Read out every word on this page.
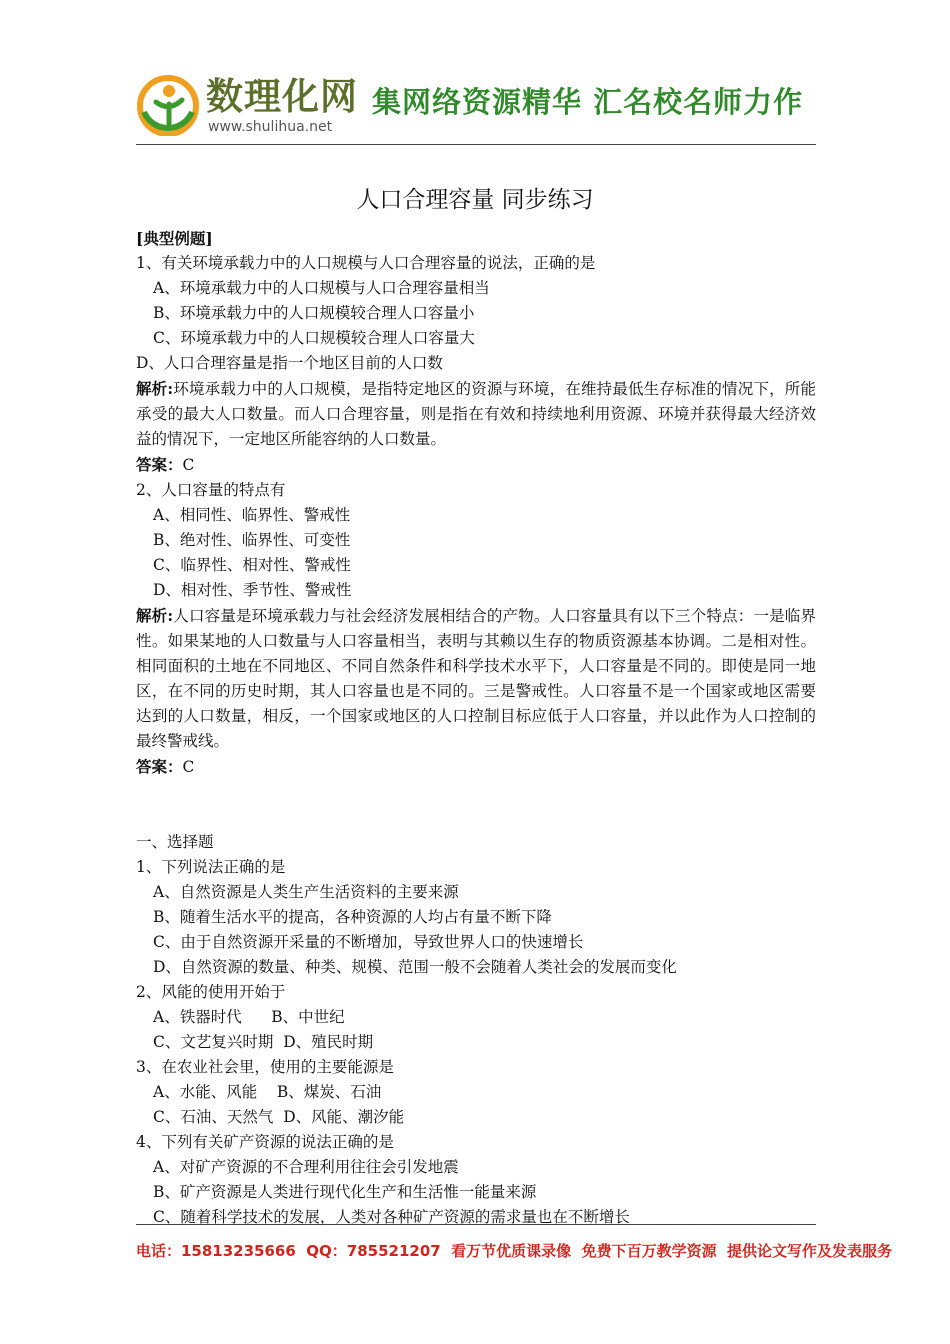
数理化网
www.shulihua.net
集网络资源精华 汇名校名师力作
人口合理容量 同步练习

[典型例题]

1、有关环境承载力中的人口规模与人口合理容量的说法，正确的是

A、环境承载力中的人口规模与人口合理容量相当

B、环境承载力中的人口规模较合理人口容量小

C、环境承载力中的人口规模较合理人口容量大

D、人口合理容量是指一个地区目前的人口数

解析:环境承载力中的人口规模，是指特定地区的资源与环境，在维持最低生存标准的情况下，所能承受的最大人口数量。而人口合理容量，则是指在有效和持续地利用资源、环境并获得最大经济效益的情况下，一定地区所能容纳的人口数量。

答案：C

2、人口容量的特点有

A、相同性、临界性、警戒性

B、绝对性、临界性、可变性

C、临界性、相对性、警戒性

D、相对性、季节性、警戒性

解析:人口容量是环境承载力与社会经济发展相结合的产物。人口容量具有以下三个特点：一是临界性。如果某地的人口数量与人口容量相当，表明与其赖以生存的物质资源基本协调。二是相对性。相同面积的土地在不同地区、不同自然条件和科学技术水平下，人口容量是不同的。即使是同一地区，在不同的历史时期，其人口容量也是不同的。三是警戒性。人口容量不是一个国家或地区需要达到的人口数量，相反，一个国家或地区的人口控制目标应低于人口容量，并以此作为人口控制的最终警戒线。

答案：C

一、选择题

1、下列说法正确的是

A、自然资源是人类生产生活资料的主要来源

B、随着生活水平的提高，各种资源的人均占有量不断下降

C、由于自然资源开采量的不断增加，导致世界人口的快速增长

D、自然资源的数量、种类、规模、范围一般不会随着人类社会的发展而变化

2、风能的使用开始于

A、铁器时代      B、中世纪

C、文艺复兴时期  D、殖民时期

3、在农业社会里，使用的主要能源是

A、水能、风能    B、煤炭、石油

C、石油、天然气  D、风能、潮汐能

4、下列有关矿产资源的说法正确的是

A、对矿产资源的不合理利用往往会引发地震

B、矿产资源是人类进行现代化生产和生活惟一能量来源

C、随着科学技术的发展，人类对各种矿产资源的需求量也在不断增长

电话：15813235666  QQ：785521207  看万节优质课录像  免费下百万教学资源  提供论文写作及发表服务
